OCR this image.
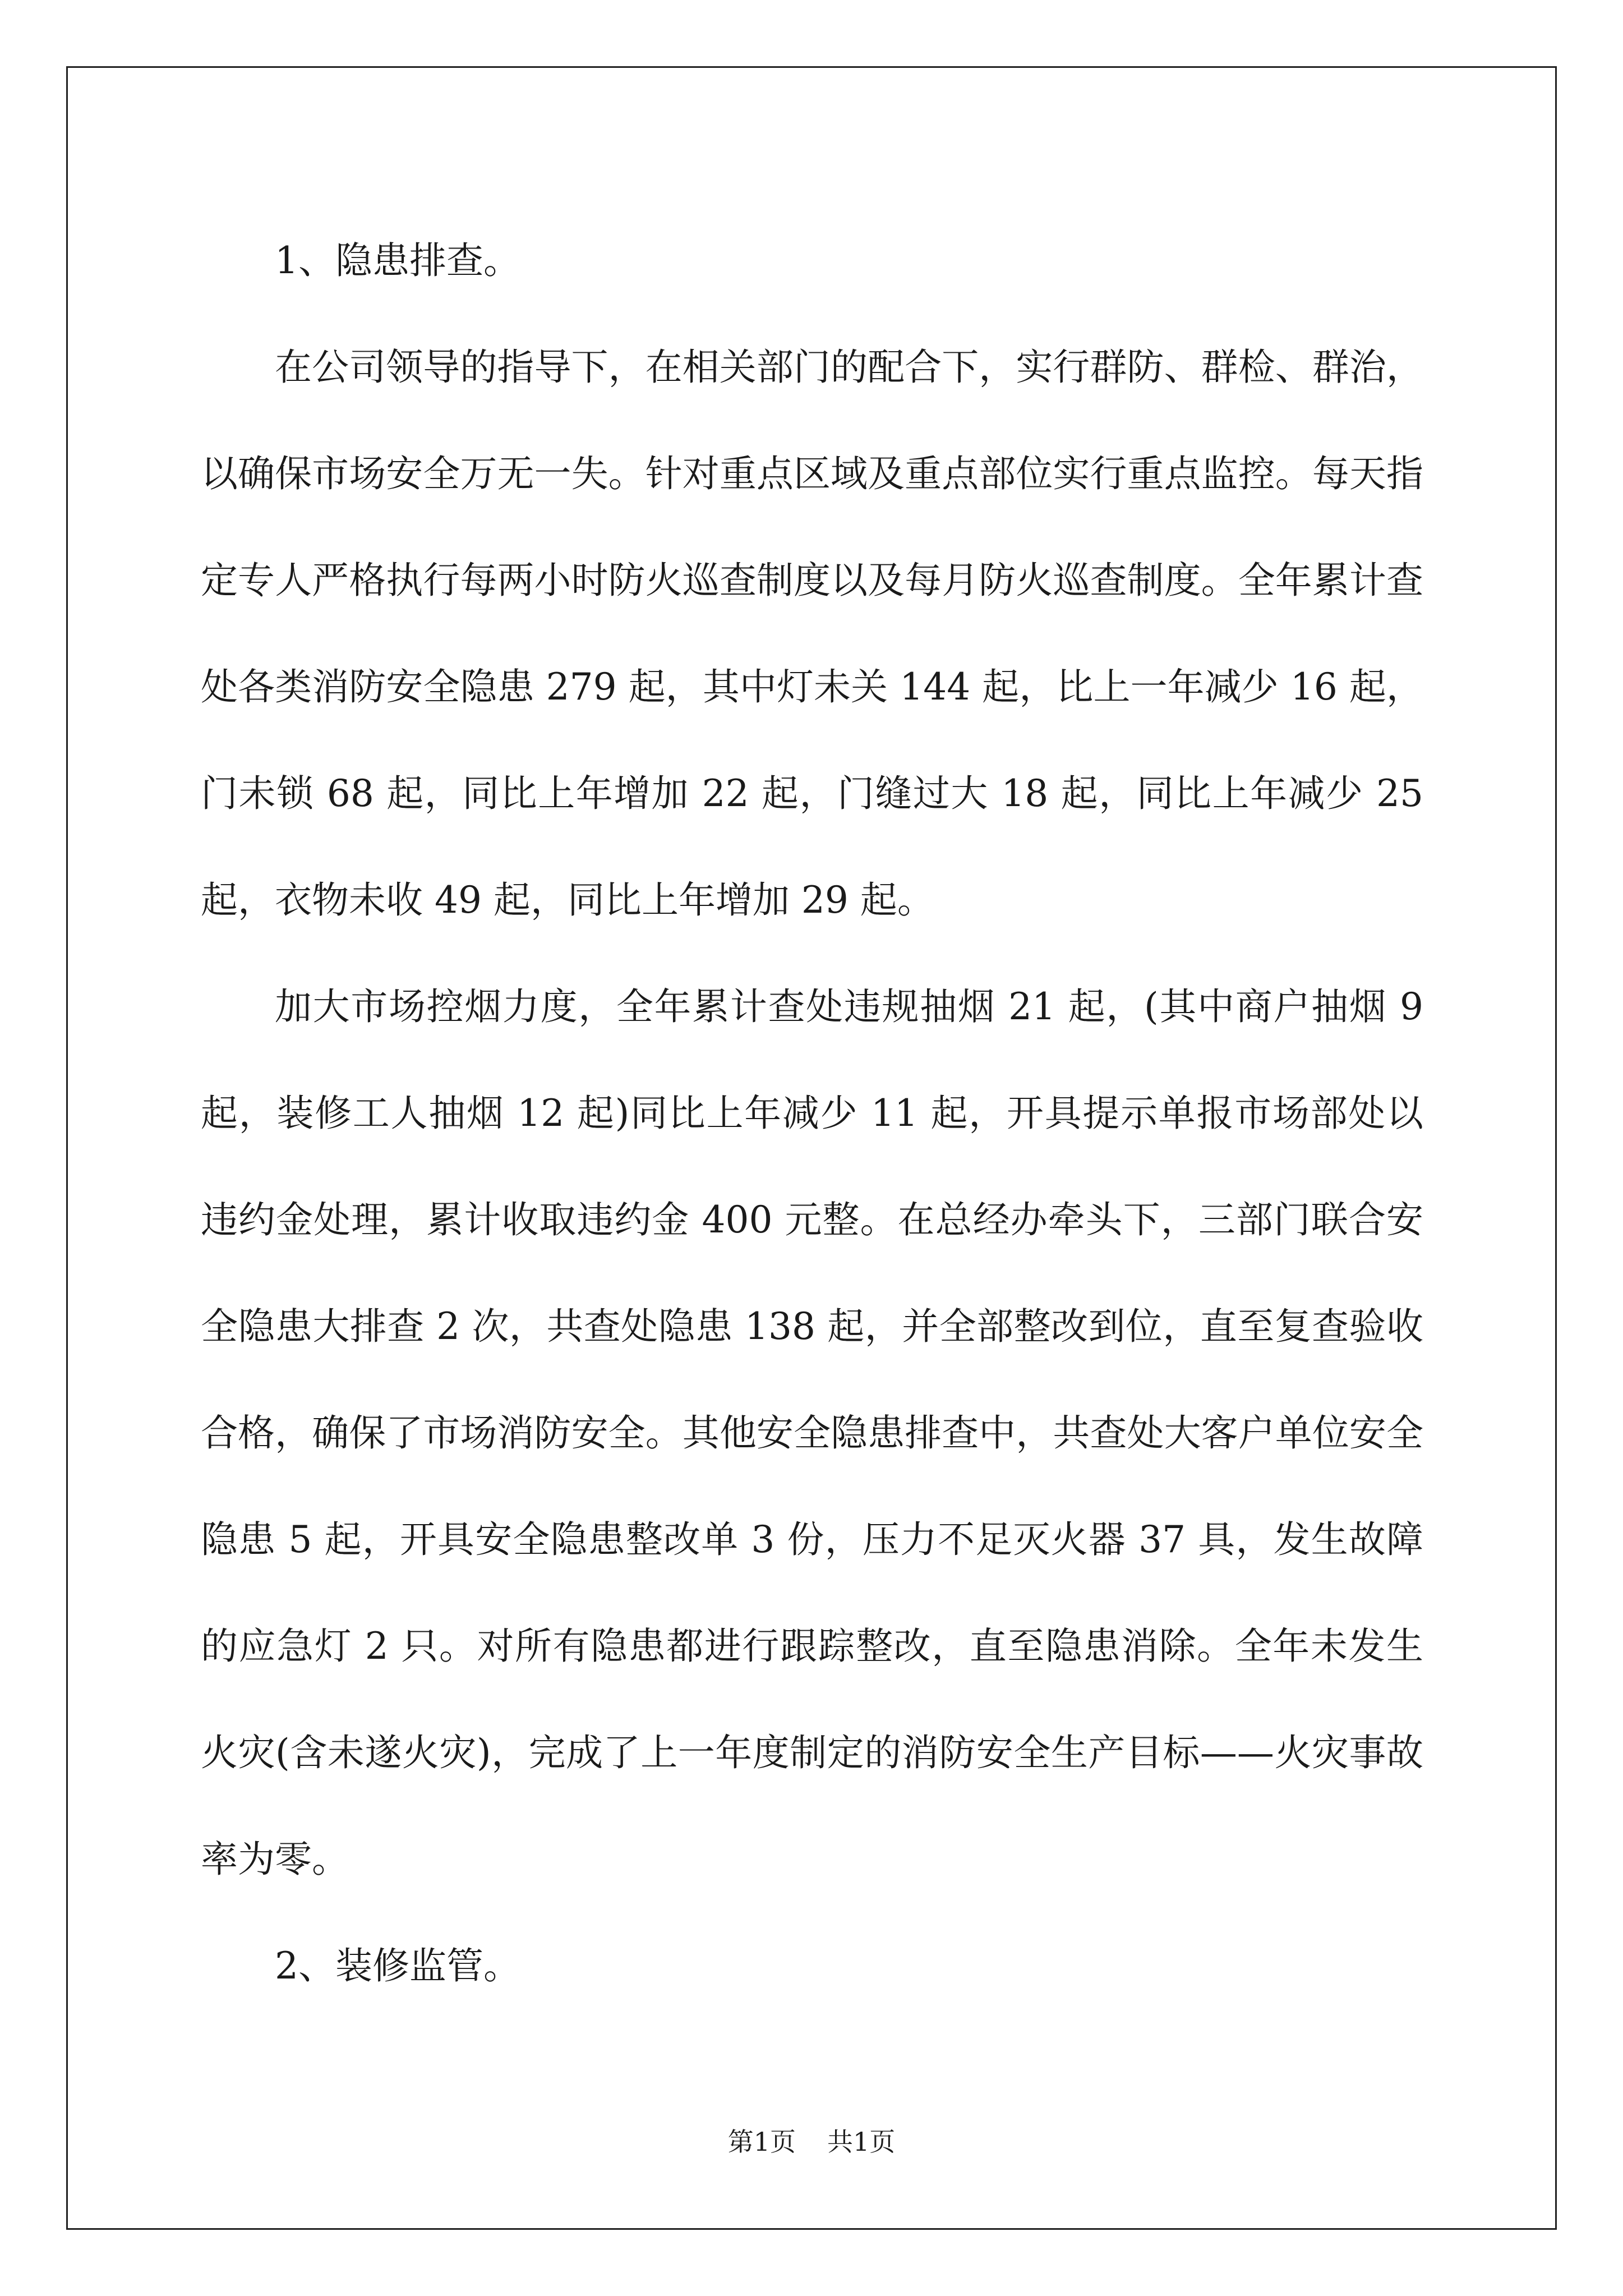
1、隐患排查。

在公司领导的指导下，在相关部门的配合下，实行群防、群检、群治，以确保市场安全万无一失。针对重点区域及重点部位实行重点监控。每天指定专人严格执行每两小时防火巡查制度以及每月防火巡查制度。全年累计查处各类消防安全隐患 279 起，其中灯未关 144 起，比上一年减少 16 起，门未锁 68 起，同比上年增加 22 起，门缝过大 18 起，同比上年减少 25 起，衣物未收 49 起，同比上年增加 29 起。

加大市场控烟力度，全年累计查处违规抽烟 21 起，(其中商户抽烟 9 起，装修工人抽烟 12 起)同比上年减少 11 起，开具提示单报市场部处以违约金处理，累计收取违约金 400 元整。在总经办牵头下，三部门联合安全隐患大排查 2 次，共查处隐患 138 起，并全部整改到位，直至复查验收合格，确保了市场消防安全。其他安全隐患排查中，共查处大客户单位安全隐患 5 起，开具安全隐患整改单 3 份，压力不足灭火器 37 具，发生故障的应急灯 2 只。对所有隐患都进行跟踪整改，直至隐患消除。全年未发生火灾(含未遂火灾)，完成了上一年度制定的消防安全生产目标——火灾事故率为零。

2、装修监管。

第1页 共1页
